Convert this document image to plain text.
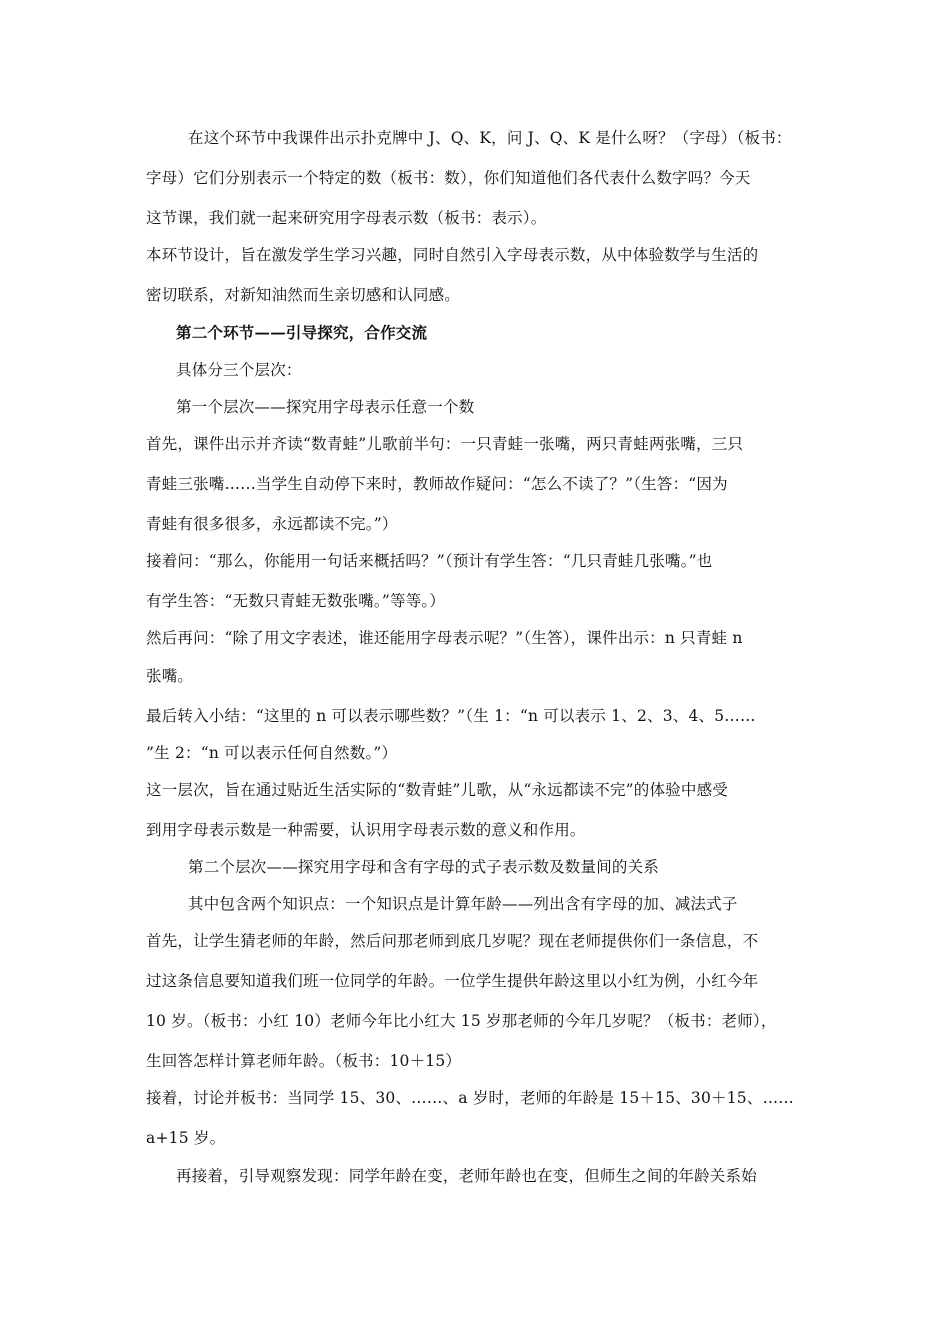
在这个环节中我课件出示扑克牌中 J、Q、K，问 J、Q、K 是什么呀？（字母）（板书：
字母）它们分别表示一个特定的数（板书：数），你们知道他们各代表什么数字吗？今天
这节课，我们就一起来研究用字母表示数（板书：表示）。
本环节设计，旨在激发学生学习兴趣，同时自然引入字母表示数，从中体验数学与生活的
密切联系，对新知油然而生亲切感和认同感。
第二个环节——引导探究，合作交流
具体分三个层次：
第一个层次——探究用字母表示任意一个数
首先，课件出示并齐读“数青蛙”儿歌前半句：一只青蛙一张嘴，两只青蛙两张嘴，三只
青蛙三张嘴……当学生自动停下来时，教师故作疑问：“怎么不读了？”（生答：“因为
青蛙有很多很多，永远都读不完。”）
接着问：“那么，你能用一句话来概括吗？”（预计有学生答：“几只青蛙几张嘴。”也
有学生答：“无数只青蛙无数张嘴。”等等。）
然后再问：“除了用文字表述，谁还能用字母表示呢？”（生答），课件出示：n 只青蛙 n
张嘴。
最后转入小结：“这里的 n 可以表示哪些数？”（生 1：“n 可以表示 1、2、3、4、5……
”生 2：“n 可以表示任何自然数。”）
这一层次，旨在通过贴近生活实际的“数青蛙”儿歌，从“永远都读不完”的体验中感受
到用字母表示数是一种需要，认识用字母表示数的意义和作用。
第二个层次——探究用字母和含有字母的式子表示数及数量间的关系
其中包含两个知识点：一个知识点是计算年龄——列出含有字母的加、减法式子
首先，让学生猜老师的年龄，然后问那老师到底几岁呢？现在老师提供你们一条信息，不
过这条信息要知道我们班一位同学的年龄。一位学生提供年龄这里以小红为例，小红今年
10 岁。（板书：小红 10）老师今年比小红大 15 岁那老师的今年几岁呢？（板书：老师），
生回答怎样计算老师年龄。（板书：10＋15）
接着，讨论并板书：当同学 15、30、……、a 岁时，老师的年龄是 15＋15、30＋15、……
a+15 岁。
再接着，引导观察发现：同学年龄在变，老师年龄也在变，但师生之间的年龄关系始
